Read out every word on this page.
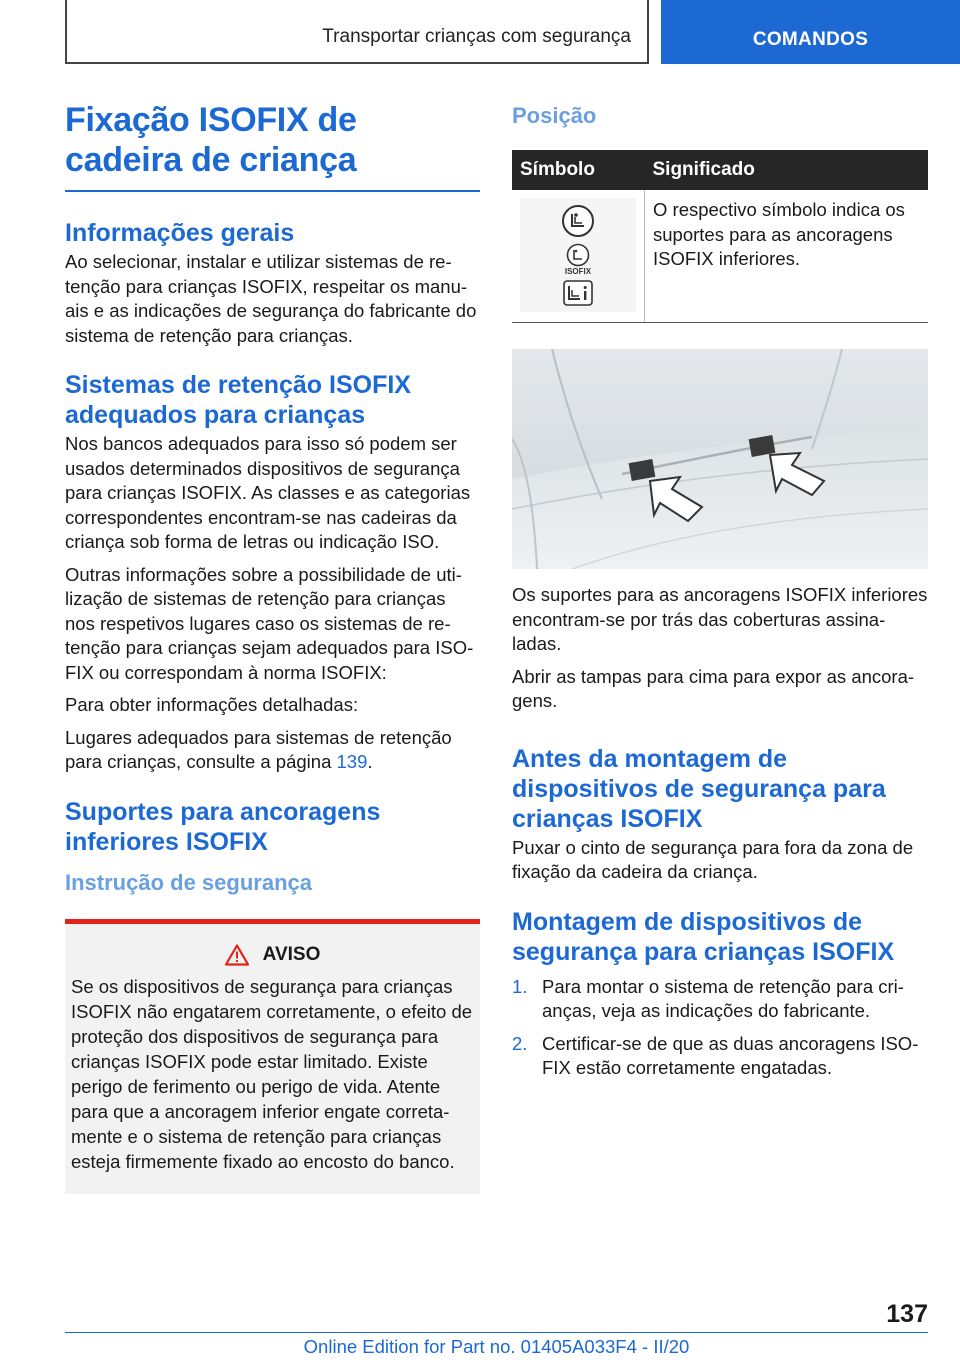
Transportar crianças com segurança	COMANDOS
Fixação ISOFIX de cadeira de criança
Informações gerais

Ao selecionar, instalar e utilizar sistemas de retenção para crianças ISOFIX, respeitar os manuais e as indicações de segurança do fabricante do sistema de retenção para crianças.

Sistemas de retenção ISOFIX adequados para crianças

Nos bancos adequados para isso só podem ser usados determinados dispositivos de segurança para crianças ISOFIX. As classes e as categorias correspondentes encontram-se nas cadeiras da criança sob forma de letras ou indicação ISO.

Outras informações sobre a possibilidade de utilização de sistemas de retenção para crianças nos respetivos lugares caso os sistemas de retenção para crianças sejam adequados para ISOFIX ou correspondam à norma ISOFIX:

Para obter informações detalhadas:

Lugares adequados para sistemas de retenção para crianças, consulte a página 139.

Suportes para ancoragens inferiores ISOFIX
Instrução de segurança
AVISO

Se os dispositivos de segurança para crianças ISOFIX não engatarem corretamente, o efeito de proteção dos dispositivos de segurança para crianças ISOFIX pode estar limitado. Existe perigo de ferimento ou perigo de vida. Atente para que a ancoragem inferior engate corretamente e o sistema de retenção para crianças esteja firmemente fixado ao encosto do banco.

Posição
Símbolo	Significado

ISOFIX	O respectivo símbolo indica os suportes para as ancoragens ISOFIX inferiores.

Os suportes para as ancoragens ISOFIX inferiores encontram-se por trás das coberturas assinaladas.

Abrir as tampas para cima para expor as ancoragens.

Antes da montagem de dispositivos de segurança para crianças ISOFIX

Puxar o cinto de segurança para fora da zona de fixação da cadeira da criança.

Montagem de dispositivos de segurança para crianças ISOFIX
1. Para montar o sistema de retenção para crianças, veja as indicações do fabricante.
2. Certificar-se de que as duas ancoragens ISOFIX estão corretamente engatadas.
137
Online Edition for Part no. 01405A033F4 - II/20
